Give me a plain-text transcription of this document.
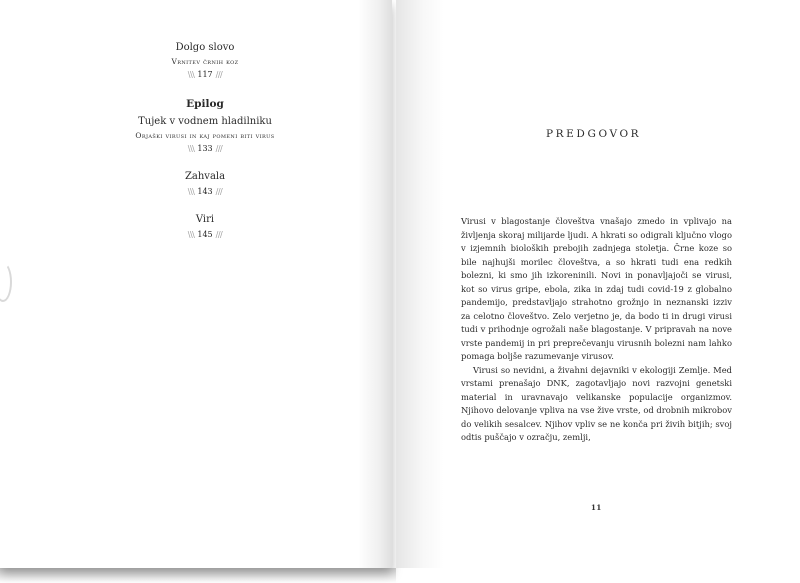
Dolgo slovo
Vrnitev črnih koz
\\\ 117 ///
Epilog
Tujek v vodnem hladilniku
Orjaški virusi in kaj pomeni biti virus
\\\ 133 ///
Zahvala
\\\ 143 ///
Viri
\\\ 145 ///
PREDGOVOR

Virusi v blagostanje človeštva vnašajo zmedo in vplivajo na življenja skoraj milijarde ljudi. A hkrati so odigrali ključno vlogo v izjemnih bioloških prebojih zadnjega stoletja. Črne koze so bile najhujši morilec človeštva, a so hkrati tudi ena redkih bolezni, ki smo jih izkoreninili. Novi in ponavljajoči se virusi, kot so virus gripe, ebola, zika in zdaj tudi covid-19 z globalno pandemijo, predstavljajo strahotno grožnjo in neznanski izziv za celotno človeštvo. Zelo verjetno je, da bodo ti in drugi virusi tudi v prihodnje ogrožali naše blagostanje. V pripravah na nove vrste pandemij in pri preprečevanju virusnih bolezni nam lahko pomaga boljše razumevanje virusov.

Virusi so nevidni, a živahni dejavniki v ekologiji Zemlje. Med vrstami prenašajo DNK, zagotavljajo novi razvojni genetski material in uravnavajo velikanske populacije organizmov. Njihovo delovanje vpliva na vse žive vrste, od drobnih mikrobov do velikih sesalcev. Njihov vpliv se ne konča pri živih bitjih; svoj odtis puščajo v ozračju, zemlji,

11
